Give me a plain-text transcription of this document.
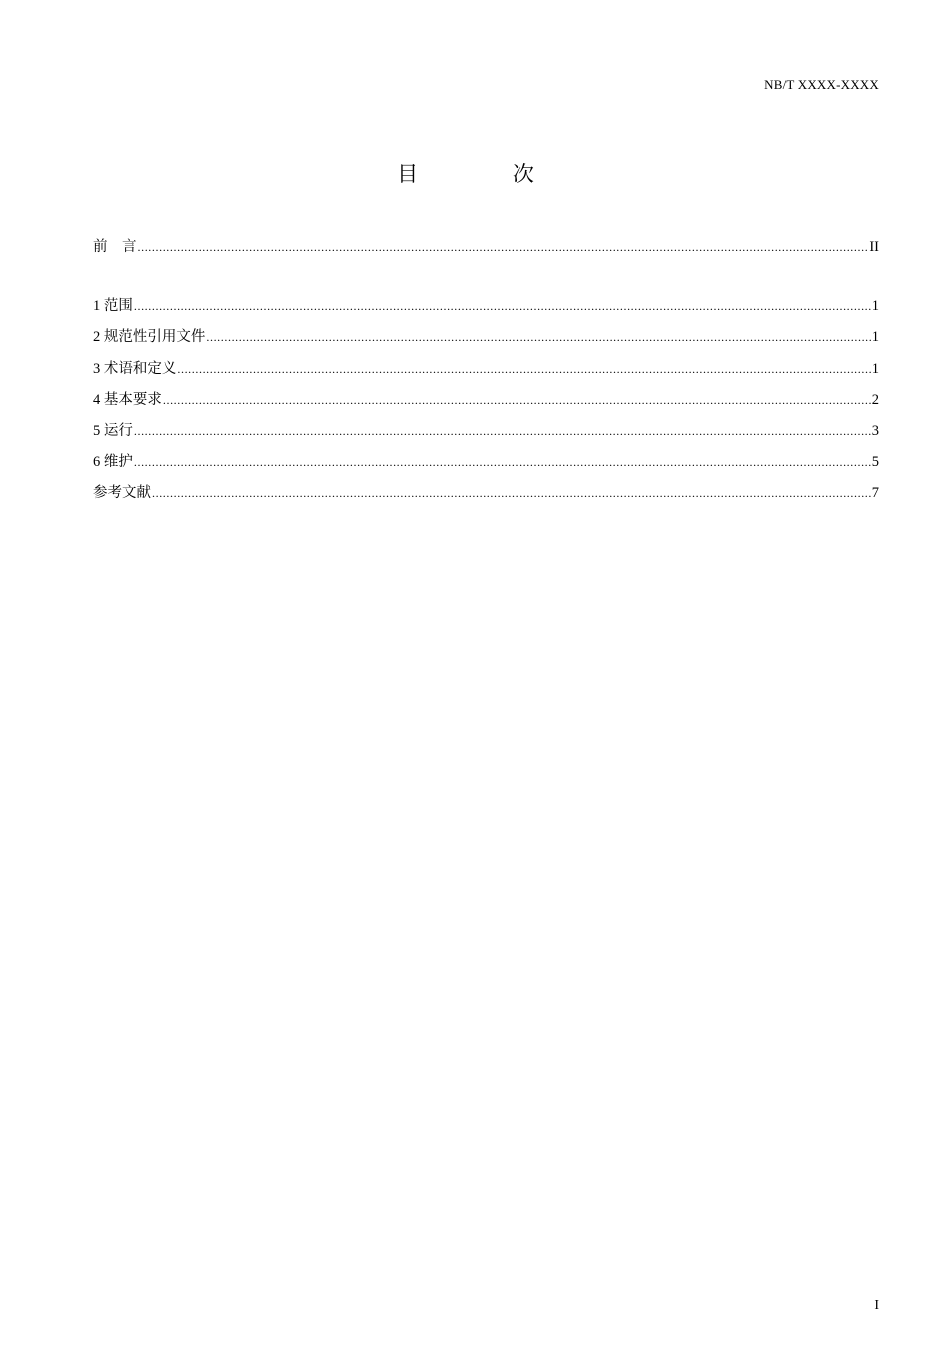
NB/T XXXX-XXXX
目 次
前    言 .....	II
1 范围 .....	1
2 规范性引用文件 .....	1
3 术语和定义 .....	1
4 基本要求 .....	2
5 运行 .....	3
6 维护 .....	5
参考文献 .....	7
I
